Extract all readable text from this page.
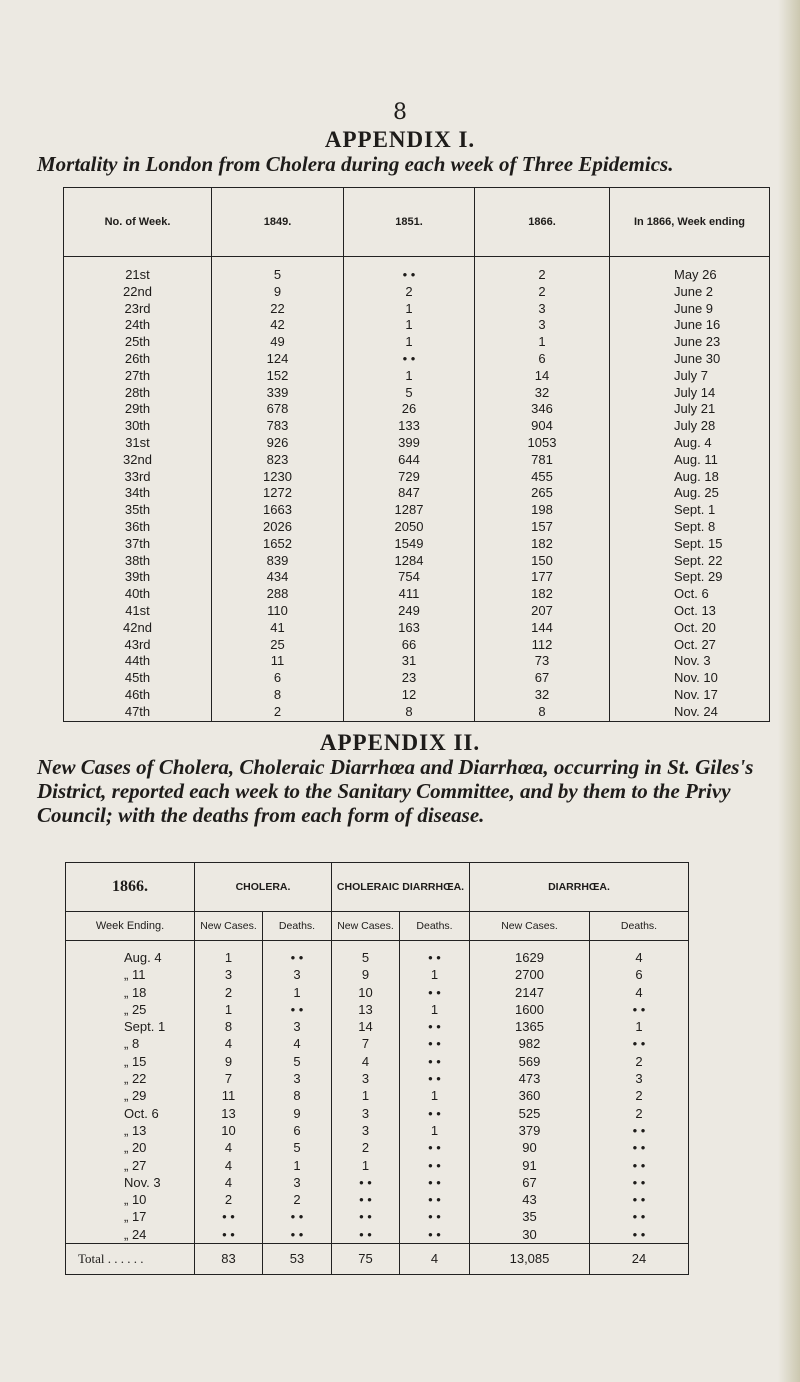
8
APPENDIX I.
Mortality in London from Cholera during each week of Three Epidemics.
No. of Week.	1849.	1851.	1866.	In 1866, Week ending
21st	5	• •	2	May 26
22nd	9	2	2	June 2
23rd	22	1	3	June 9
24th	42	1	3	June 16
25th	49	1	1	June 23
26th	124	• •	6	June 30
27th	152	1	14	July 7
28th	339	5	32	July 14
29th	678	26	346	July 21
30th	783	133	904	July 28
31st	926	399	1053	Aug. 4
32nd	823	644	781	Aug. 11
33rd	1230	729	455	Aug. 18
34th	1272	847	265	Aug. 25
35th	1663	1287	198	Sept. 1
36th	2026	2050	157	Sept. 8
37th	1652	1549	182	Sept. 15
38th	839	1284	150	Sept. 22
39th	434	754	177	Sept. 29
40th	288	411	182	Oct. 6
41st	110	249	207	Oct. 13
42nd	41	163	144	Oct. 20
43rd	25	66	112	Oct. 27
44th	11	31	73	Nov. 3
45th	6	23	67	Nov. 10
46th	8	12	32	Nov. 17
47th	2	8	8	Nov. 24
APPENDIX II.
New Cases of Cholera, Choleraic Diarrhœa and Diarrhœa, occurring in St. Giles's District, reported each week to the Sanitary Committee, and by them to the Privy Council; with the deaths from each form of disease.
1866.	CHOLERA.		CHOLERAIC DIARRHŒA.		DIARRHŒA.	
Week Ending.	New Cases.	Deaths.	New Cases.	Deaths.	New Cases.	Deaths.
Aug. 4	1	• •	5	• •	1629	4
„ 11	3	3	9	1	2700	6
„ 18	2	1	10	• •	2147	4
„ 25	1	• •	13	1	1600	• •
Sept. 1	8	3	14	• •	1365	1
„ 8	4	4	7	• •	982	• •
„ 15	9	5	4	• •	569	2
„ 22	7	3	3	• •	473	3
„ 29	11	8	1	1	360	2
Oct. 6	13	9	3	• •	525	2
„ 13	10	6	3	1	379	• •
„ 20	4	5	2	• •	90	• •
„ 27	4	1	1	• •	91	• •
Nov. 3	4	3	• •	• •	67	• •
„ 10	2	2	• •	• •	43	• •
„ 17	• •	• •	• •	• •	35	• •
„ 24	• •	• •	• •	• •	30	• •
Total . . . . . .	83	53	75	4	13,085	24
